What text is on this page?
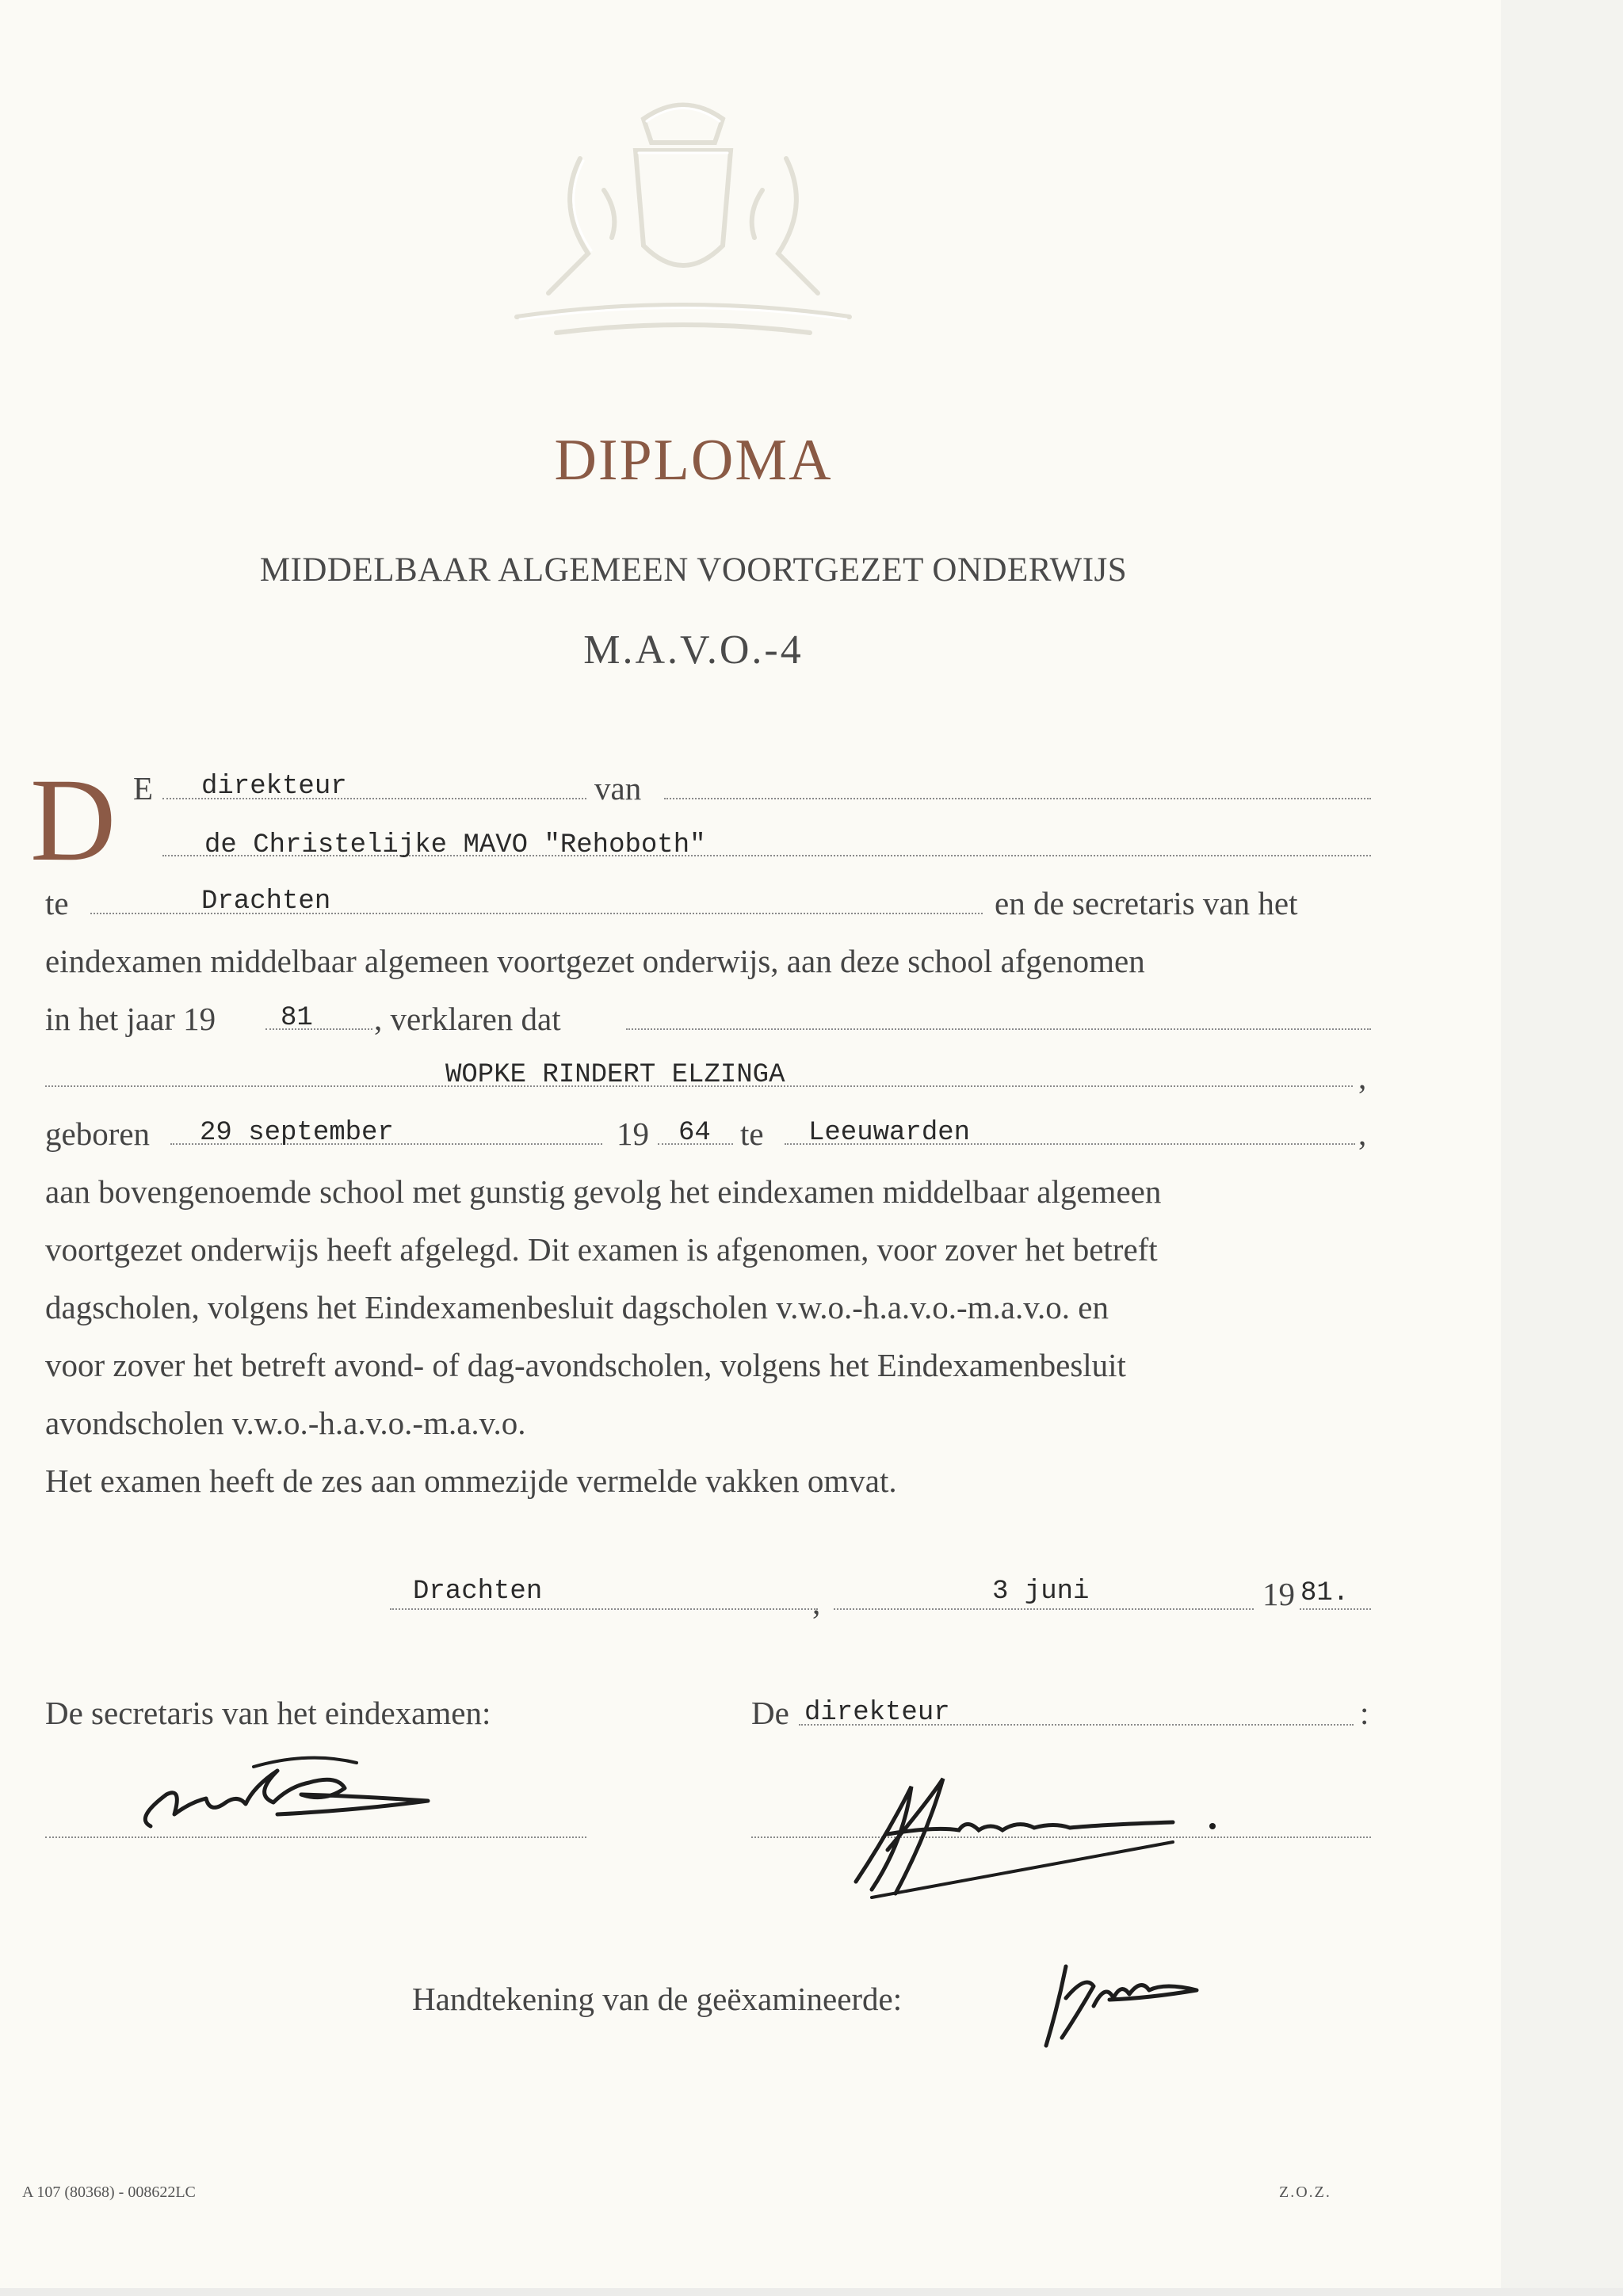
DIPLOMA
MIDDELBAAR ALGEMEEN VOORTGEZET ONDERWIJS
M.A.V.O.-4
D E direkteur	van
de Christelijke MAVO "Rehoboth"
te	Drachten	en de secretaris van het
eindexamen middelbaar algemeen voortgezet onderwijs, aan deze school afgenomen
in het jaar 19 81 , verklaren dat
WOPKE RINDERT ELZINGA	,
geboren 29 september	19 64 te Leeuwarden	,
aan bovengenoemde school met gunstig gevolg het eindexamen middelbaar algemeen
voortgezet onderwijs heeft afgelegd. Dit examen is afgenomen, voor zover het betreft
dagscholen, volgens het Eindexamenbesluit dagscholen v.w.o.-h.a.v.o.-m.a.v.o. en
voor zover het betreft avond- of dag-avondscholen, volgens het Eindexamenbesluit
avondscholen v.w.o.-h.a.v.o.-m.a.v.o.
Het examen heeft de zes aan ommezijde vermelde vakken omvat.
Drachten	,	3 juni	19 81.
De secretaris van het eindexamen:	De direkteur	:
Handtekening van de geëxamineerde:
A 107 (80368) - 008622LC	Z.O.Z.
